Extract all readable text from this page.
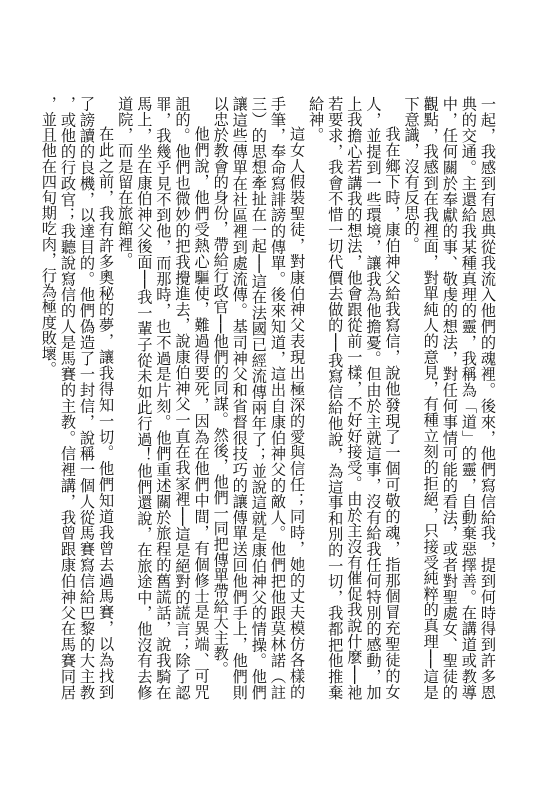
一起，我感到有恩典從我流入他們的魂裡。後來，他們寫信給我，提到何時得到許多恩典的交通。主還給我某種真理的靈，我稱為「道」的靈，自動棄惡擇善。在講道或教導中，任何關於奉獻的事、敬虔的想法，對任何事情可能的看法，或者對聖處女、聖徒的觀點，我感到在我裡面，對單純人的意見，有種立刻的拒絕，只接受純粹的真理──這是下意識，沒有反思的。

我在鄉下時，康伯神父給我寫信，說他發現了一個可敬的魂，指那個冒充聖徒的女人，並提到一些環境，讓我為他擔憂。但由於主就這事，沒有給我任何特別的感動，加上我擔心若講我的想法，他會跟從前一樣，不好好接受。由於主沒有催促我說什麼──祂若要求，我會不惜一切代價去做的──我寫信給他說，為這事和別的一切，我都把他推棄給神。

這女人假裝聖徒，對康伯神父表現出極深的愛與信任；同時，她的丈夫模仿各樣的手筆，奉命寫誹謗的傳單。後來知道，這出自康伯神父的敵人。他們把他跟莫林諾（註三）的思想牽扯在一起──這在法國已經流傳兩年了；並說這就是康伯神父的情操。他們讓這些傳單在社區裡到處流傳。基司神父和省督很技巧的讓傳單送回他們手上，他們則以忠於教會的身份，帶給行政官──他們的同謀。然後，他們一同把傳單帶給大主教。

他們說，他們受熱心驅使，難過得要死，因為在他們中間，有個修士是異端、可咒詛的。他們也微妙的把我攪進去，說康伯神父一直在我家裡──這是絕對的謊言；除了認罪，我幾乎見不到他，而那時，也不過是片刻。他們重述關於旅程的舊謊話，說我騎在馬上，坐在康伯神父後面──我一輩子從未如此行過！他們還說，在旅途中，他沒有去修道院，而是留在旅館裡。

在此之前，我有許多奧秘的夢，讓我得知一切。他們知道我曾去過馬賽，以為找到了謗讀的良機，以達目的。他們偽造了一封信，說稱一個人從馬賽寫信給巴黎的大主教，或他的行政官；我聽說寫信的人是馬賽的主教。信裡講，我曾跟康伯神父在馬賽同居，並且他在四旬期吃肉，行為極度敗壞。
